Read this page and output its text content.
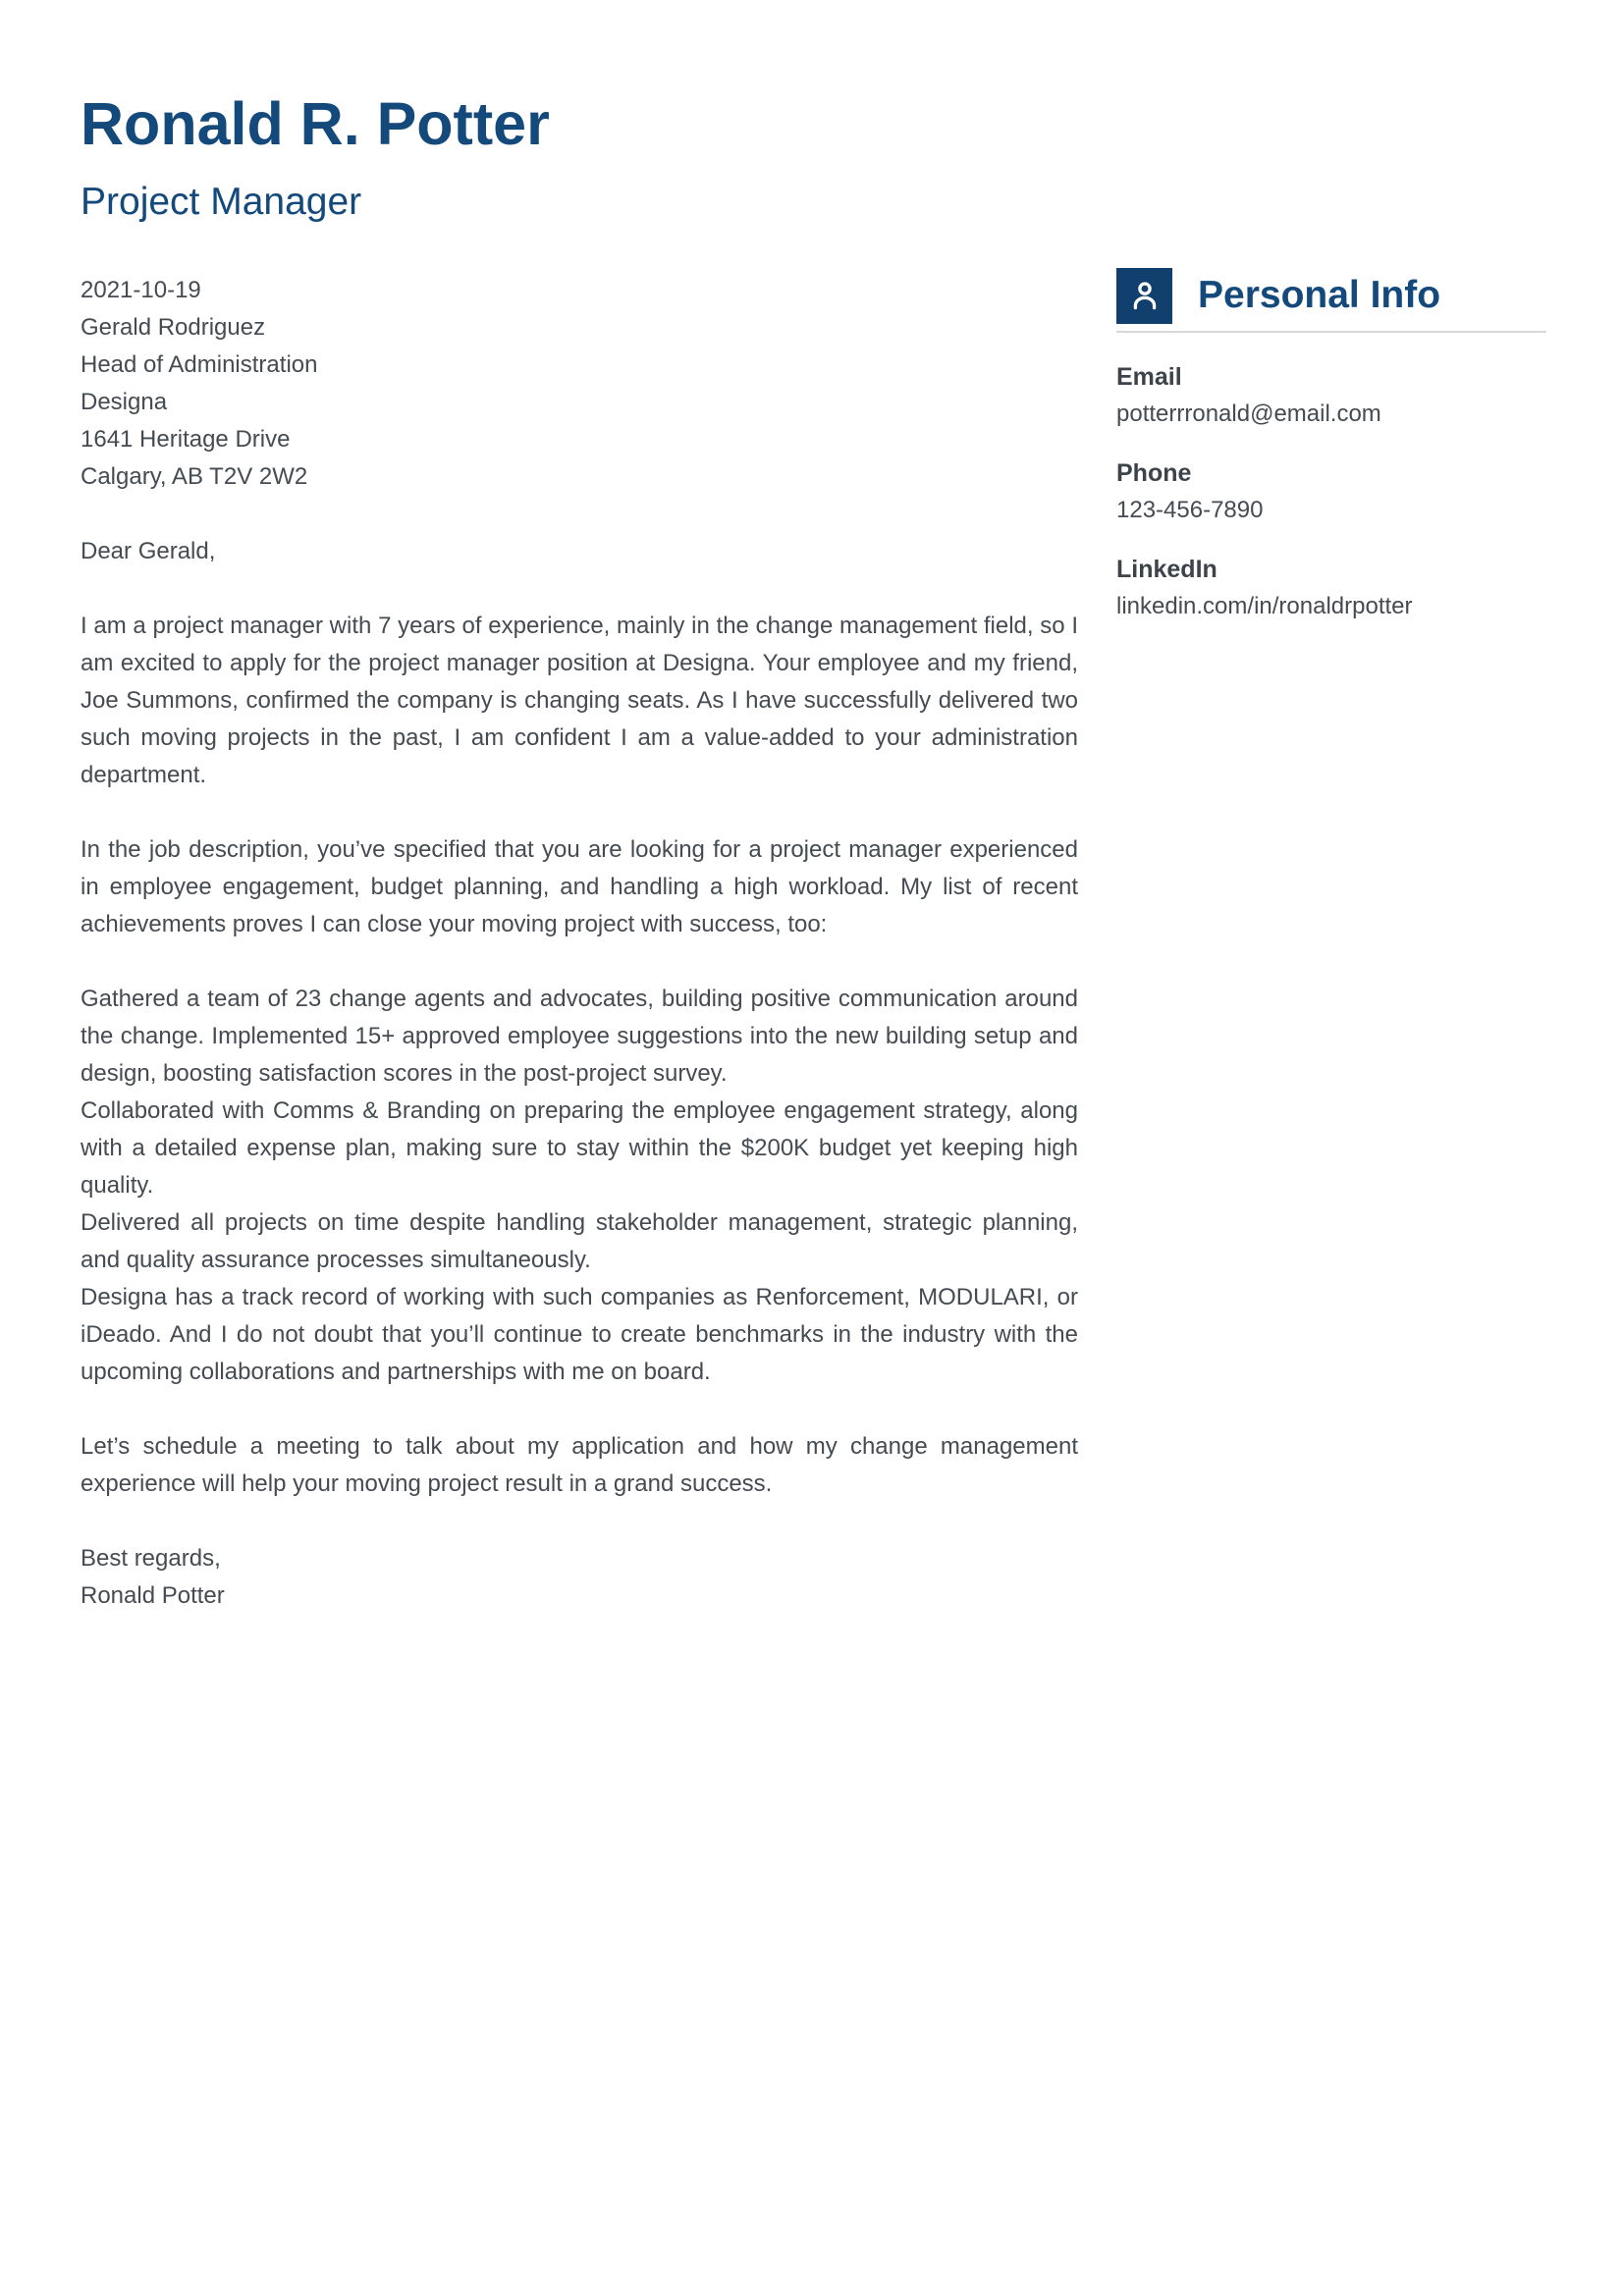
Ronald R. Potter
Project Manager
2021-10-19
Gerald Rodriguez
Head of Administration
Designa
1641 Heritage Drive
Calgary, AB T2V 2W2

Dear Gerald,

I am a project manager with 7 years of experience, mainly in the change management field, so I am excited to apply for the project manager position at Designa. Your employee and my friend, Joe Summons, confirmed the company is changing seats. As I have successfully delivered two such moving projects in the past, I am confident I am a value-added to your administration department.

In the job description, you’ve specified that you are looking for a project manager experienced in employee engagement, budget planning, and handling a high workload. My list of recent achievements proves I can close your moving project with success, too:

Gathered a team of 23 change agents and advocates, building positive communication around the change. Implemented 15+ approved employee suggestions into the new building setup and design, boosting satisfaction scores in the post-project survey.

Collaborated with Comms & Branding on preparing the employee engagement strategy, along with a detailed expense plan, making sure to stay within the $200K budget yet keeping high quality.

Delivered all projects on time despite handling stakeholder management, strategic planning, and quality assurance processes simultaneously.

Designa has a track record of working with such companies as Renforcement, MODULARI, or iDeado. And I do not doubt that you’ll continue to create benchmarks in the industry with the upcoming collaborations and partnerships with me on board.

Let’s schedule a meeting to talk about my application and how my change management experience will help your moving project result in a grand success.

Best regards,
Ronald Potter
Personal Info
Email
potterrronald@email.com
Phone
123-456-7890
LinkedIn
linkedin.com/in/ronaldrpotter
